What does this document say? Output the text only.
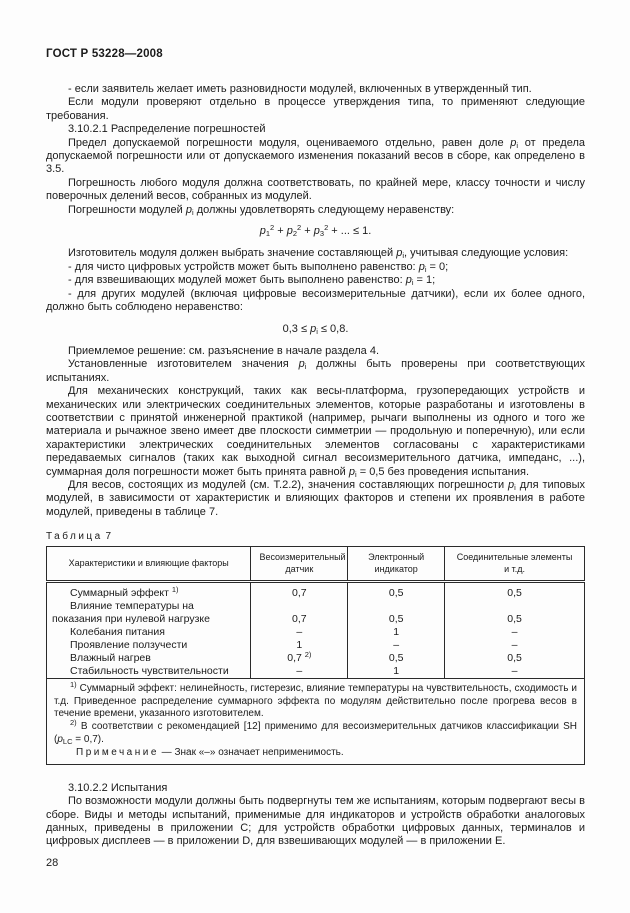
ГОСТ Р 53228—2008

- если заявитель желает иметь разновидности модулей, включенных в утвержденный тип.

Если модули проверяют отдельно в процессе утверждения типа, то применяют следующие требования.

3.10.2.1 Распределение погрешностей

Предел допускаемой погрешности модуля, оцениваемого отдельно, равен доле $p_i$ от предела допускаемой погрешности или от допускаемого изменения показаний весов в сборе, как определено в 3.5.

Погрешность любого модуля должна соответствовать, по крайней мере, классу точности и числу поверочных делений весов, собранных из модулей.

Погрешности модулей $p_i$ должны удовлетворять следующему неравенству:

$p_1^2 + p_2^2 + p_3^2$ + ... ≤ 1.

Изготовитель модуля должен выбрать значение составляющей $p_i$, учитывая следующие условия:

- для чисто цифровых устройств может быть выполнено равенство: $p_i = 0$;

- для взвешивающих модулей может быть выполнено равенство: $p_i = 1$;

- для других модулей (включая цифровые весоизмерительные датчики), если их более одного, должно быть соблюдено неравенство:

$0,3 \le p_i \le 0,8$.

Приемлемое решение: см. разъяснение в начале раздела 4.

Установленные изготовителем значения $p_i$ должны быть проверены при соответствующих испытаниях.

Для механических конструкций, таких как весы-платформа, грузопередающих устройств и механических или электрических соединительных элементов, которые разработаны и изготовлены в соответствии с принятой инженерной практикой (например, рычаги выполнены из одного и того же материала и рычажное звено имеет две плоскости симметрии — продольную и поперечную), или если характеристики электрических соединительных элементов согласованы с характеристиками передаваемых сигналов (таких как выходной сигнал весоизмерительного датчика, импеданс, ...), суммарная доля погрешности может быть принята равной $p_i = 0,5$ без проведения испытания.

Для весов, состоящих из модулей (см. Т.2.2), значения составляющих погрешности $p_i$ для типовых модулей, в зависимости от характеристик и влияющих факторов и степени их проявления в работе модулей, приведены в таблице 7.

Таблица 7
Характеристики и влияющие факторы	Весоизмерительный датчик	Электронный индикатор	Соединительные элементы и т.д.
Суммарный эффект $^{1)}$	0,7	0,5	0,5
Влияние температуры на показания при нулевой нагрузке	0,7	0,5	0,5
Колебания питания	–	1	–
Проявление ползучести	1	–	–
Влажный нагрев	0,7 $^{2)}$	0,5	0,5
Стабильность чувствительности	–	1	–

$^{1)}$ Суммарный эффект: нелинейность, гистерезис, влияние температуры на чувствительность, сходимость и т.д. Приведенное распределение суммарного эффекта по модулям действительно после прогрева весов в течение времени, указанного изготовителем.

$^{2)}$ В соответствии с рекомендацией [12] применимо для весоизмерительных датчиков классификации SH $(p_{LC} = 0,7)$.

Примечание — Знак «–» означает неприменимость.			

3.10.2.2 Испытания

По возможности модули должны быть подвергнуты тем же испытаниям, которым подвергают весы в сборе. Виды и методы испытаний, применимые для индикаторов и устройств обработки аналоговых данных, приведены в приложении С; для устройств обработки цифровых данных, терминалов и цифровых дисплеев — в приложении D, для взвешивающих модулей — в приложении Е.

28
